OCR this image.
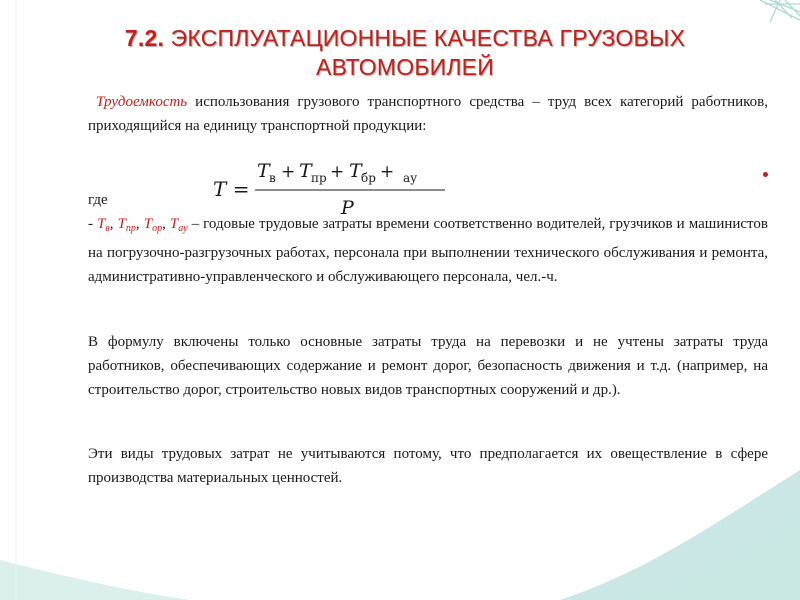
7.2. ЭКСПЛУАТАЦИОННЫЕ КАЧЕСТВА ГРУЗОВЫХ АВТОМОБИЛЕЙ
Трудоемкость использования грузового транспортного средства – труд всех категорий работников, приходящийся на единицу транспортной продукции:
T =
T в + T пр + T бр + ау
P
где
- $T_в$, $T_{пр}$, $T_{ор}$, $T_{ау}$ – годовые трудовые затраты времени соответственно водителей, грузчиков и машинистов на погрузочно-разгрузочных работах, персонала при выполнении технического обслуживания и ремонта, административно-управленческого и обслуживающего персонала, чел.-ч.
В формулу включены только основные затраты труда на перевозки и не учтены затраты труда работников, обеспечивающих содержание и ремонт дорог, безопасность движения и т.д. (например, на строительство дорог, строительство новых видов транспортных сооружений и др.).
Эти виды трудовых затрат не учитываются потому, что предполагается их овеществление в сфере производства материальных ценностей.
